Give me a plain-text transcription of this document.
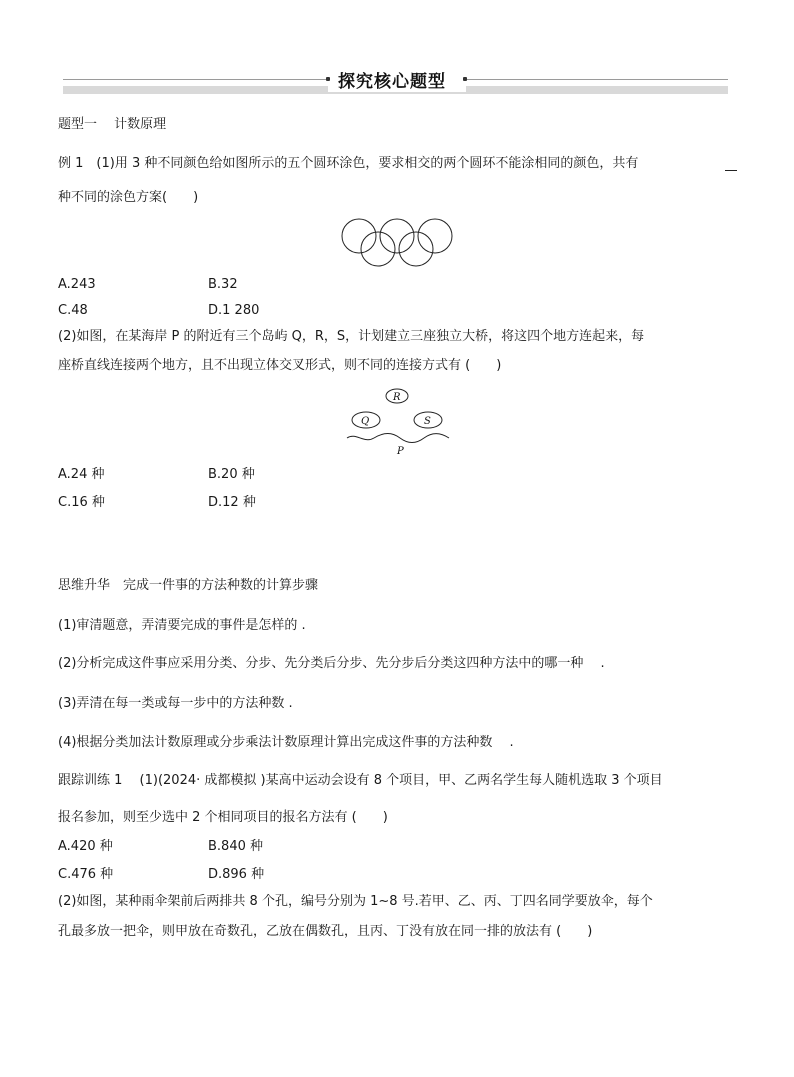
探究核心题型
题型一　 计数原理
例 1　(1)用 3 种不同颜色给如图所示的五个圆环涂色，要求相交的两个圆环不能涂相同的颜色，共有
种不同的涂色方案(　　)
A.243	B.32
C.48	D.1 280
(2)如图，在某海岸 P 的附近有三个岛屿 Q，R，S，计划建立三座独立大桥，将这四个地方连起来，每
座桥直线连接两个地方，且不出现立体交叉形式，则不同的连接方式有 (　　)
R
Q	S
P
A.24 种	B.20 种
C.16 种	D.12 种
思维升华　完成一件事的方法种数的计算步骤
(1)审清题意，弄清要完成的事件是怎样的 .
(2)分析完成这件事应采用分类、分步、先分类后分步、先分步后分类这四种方法中的哪一种 　.
(3)弄清在每一类或每一步中的方法种数 .
(4)根据分类加法计数原理或分步乘法计数原理计算出完成这件事的方法种数 　.
跟踪训练 1 　(1)(2024· 成都模拟 )某高中运动会设有 8 个项目，甲、乙两名学生每人随机选取 3 个项目
报名参加，则至少选中 2 个相同项目的报名方法有 (　　)
A.420 种	B.840 种
C.476 种	D.896 种
(2)如图，某种雨伞架前后两排共 8 个孔，编号分别为 1~8 号.若甲、乙、丙、丁四名同学要放伞，每个
孔最多放一把伞，则甲放在奇数孔，乙放在偶数孔，且丙、丁没有放在同一排的放法有 (　　)
